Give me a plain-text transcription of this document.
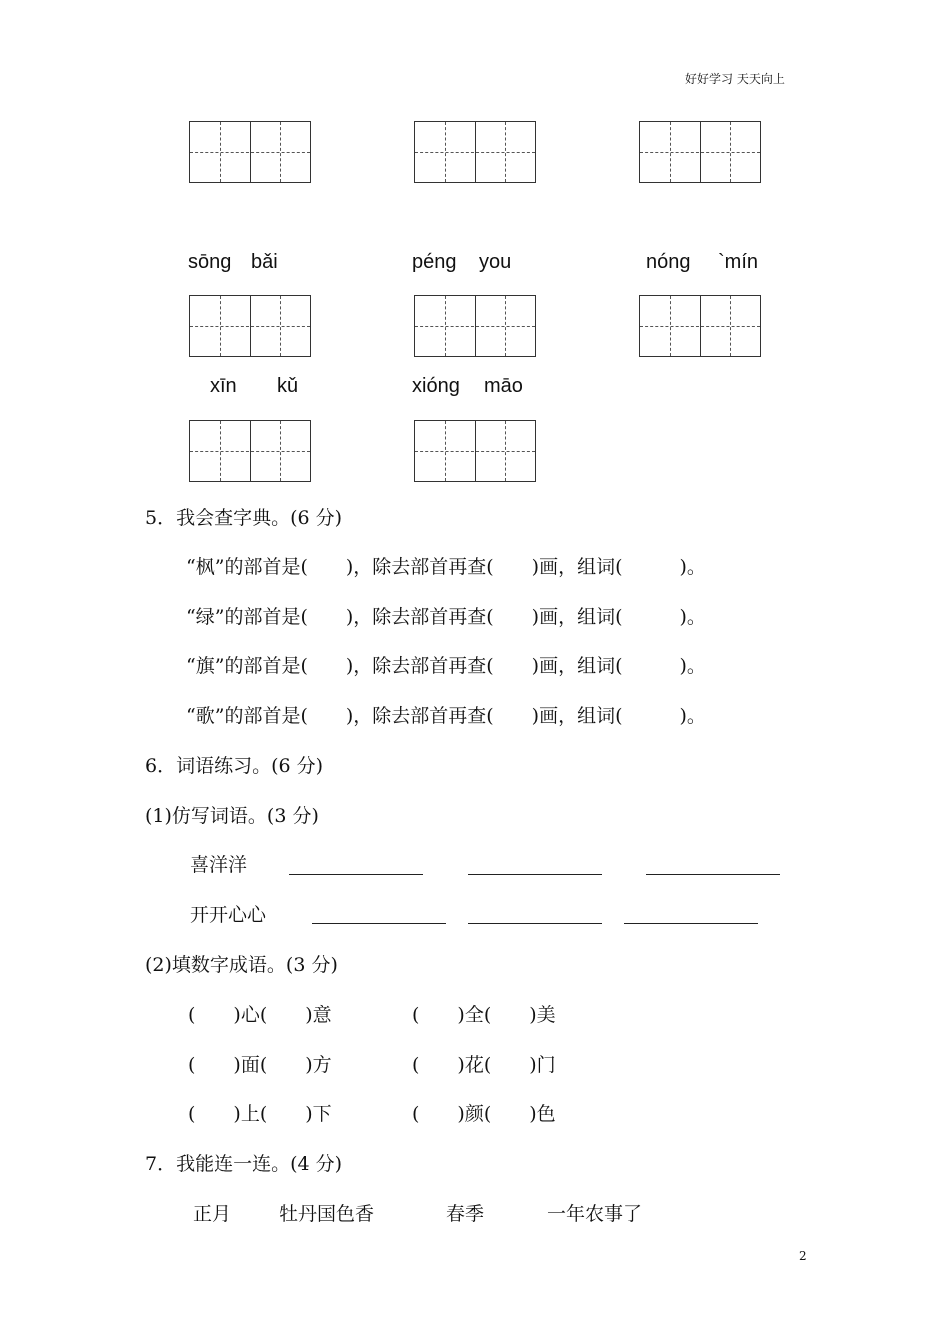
好好学习 天天向上
sōng bǎi	péng you	nóng `mín
xīn kǔ	xióng māo
5．我会查字典。(6 分)
“枫”的部首是(　　)，除去部首再查(　　)画，组词(　　　)。
“绿”的部首是(　　)，除去部首再查(　　)画，组词(　　　)。
“旗”的部首是(　　)，除去部首再查(　　)画，组词(　　　)。
“歌”的部首是(　　)，除去部首再查(　　)画，组词(　　　)。
6．词语练习。(6 分)
(1)仿写词语。(3 分)
喜洋洋
开开心心
(2)填数字成语。(3 分)
(　　)心(　　)意	(　　)全(　　)美
(　　)面(　　)方	(　　)花(　　)门
(　　)上(　　)下	(　　)颜(　　)色
7．我能连一连。(4 分)
正月	牡丹国色香	春季	一年农事了
2
